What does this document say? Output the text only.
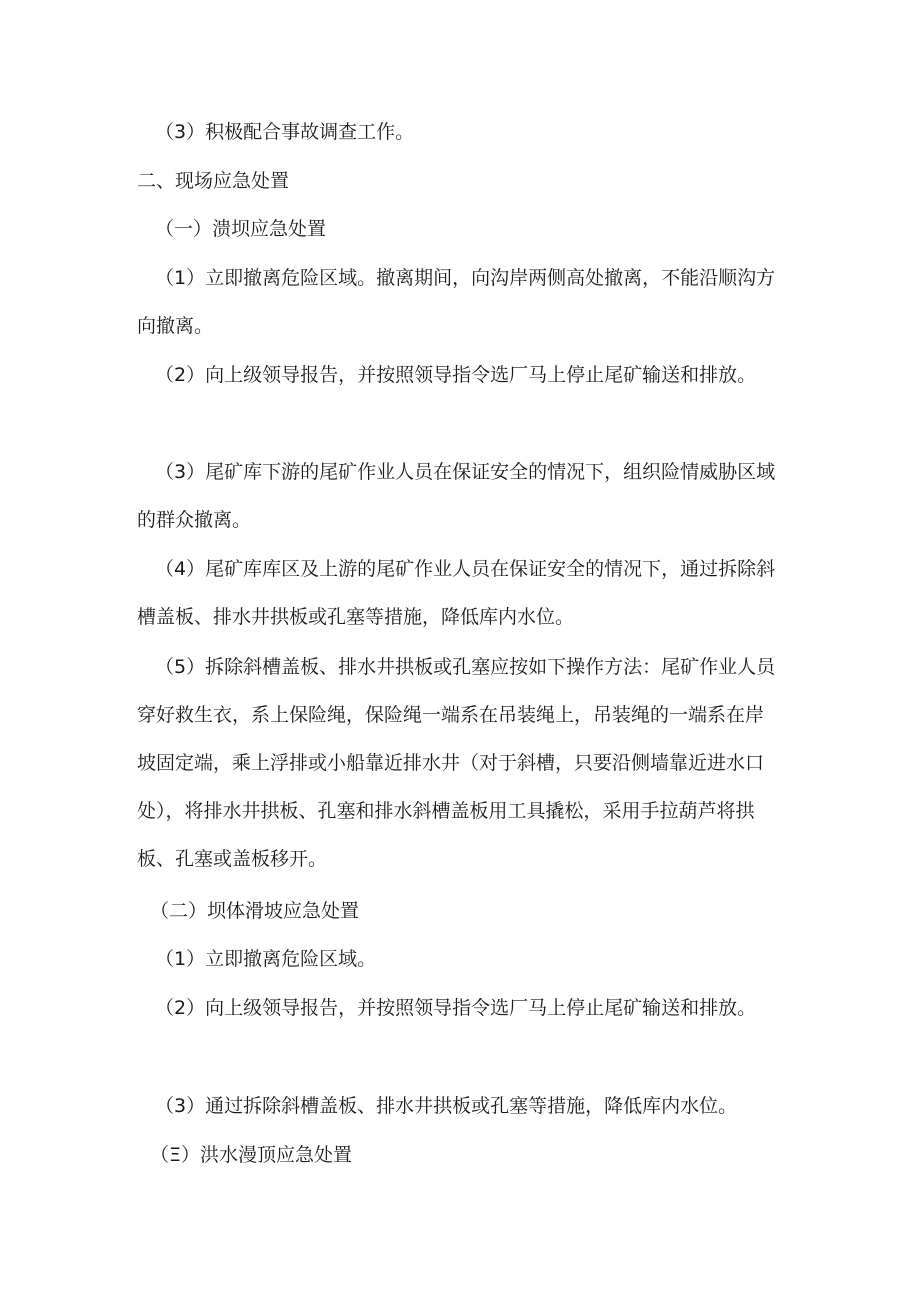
（3）积极配合事故调查工作。

二、现场应急处置

（一）溃坝应急处置

（1）立即撤离危险区域。撤离期间，向沟岸两侧高处撤离，不能沿顺沟方向撤离。

（2）向上级领导报告，并按照领导指令选厂马上停止尾矿输送和排放。

（3）尾矿库下游的尾矿作业人员在保证安全的情况下，组织险情威胁区域的群众撤离。

（4）尾矿库库区及上游的尾矿作业人员在保证安全的情况下，通过拆除斜槽盖板、排水井拱板或孔塞等措施，降低库内水位。

（5）拆除斜槽盖板、排水井拱板或孔塞应按如下操作方法：尾矿作业人员穿好救生衣，系上保险绳，保险绳一端系在吊装绳上，吊装绳的一端系在岸坡固定端，乘上浮排或小船靠近排水井（对于斜槽，只要沿侧墙靠近进水口处），将排水井拱板、孔塞和排水斜槽盖板用工具撬松，采用手拉葫芦将拱板、孔塞或盖板移开。

（二）坝体滑坡应急处置

（1）立即撤离危险区域。

（2）向上级领导报告，并按照领导指令选厂马上停止尾矿输送和排放。

（3）通过拆除斜槽盖板、排水井拱板或孔塞等措施，降低库内水位。

（Ξ）洪水漫顶应急处置
